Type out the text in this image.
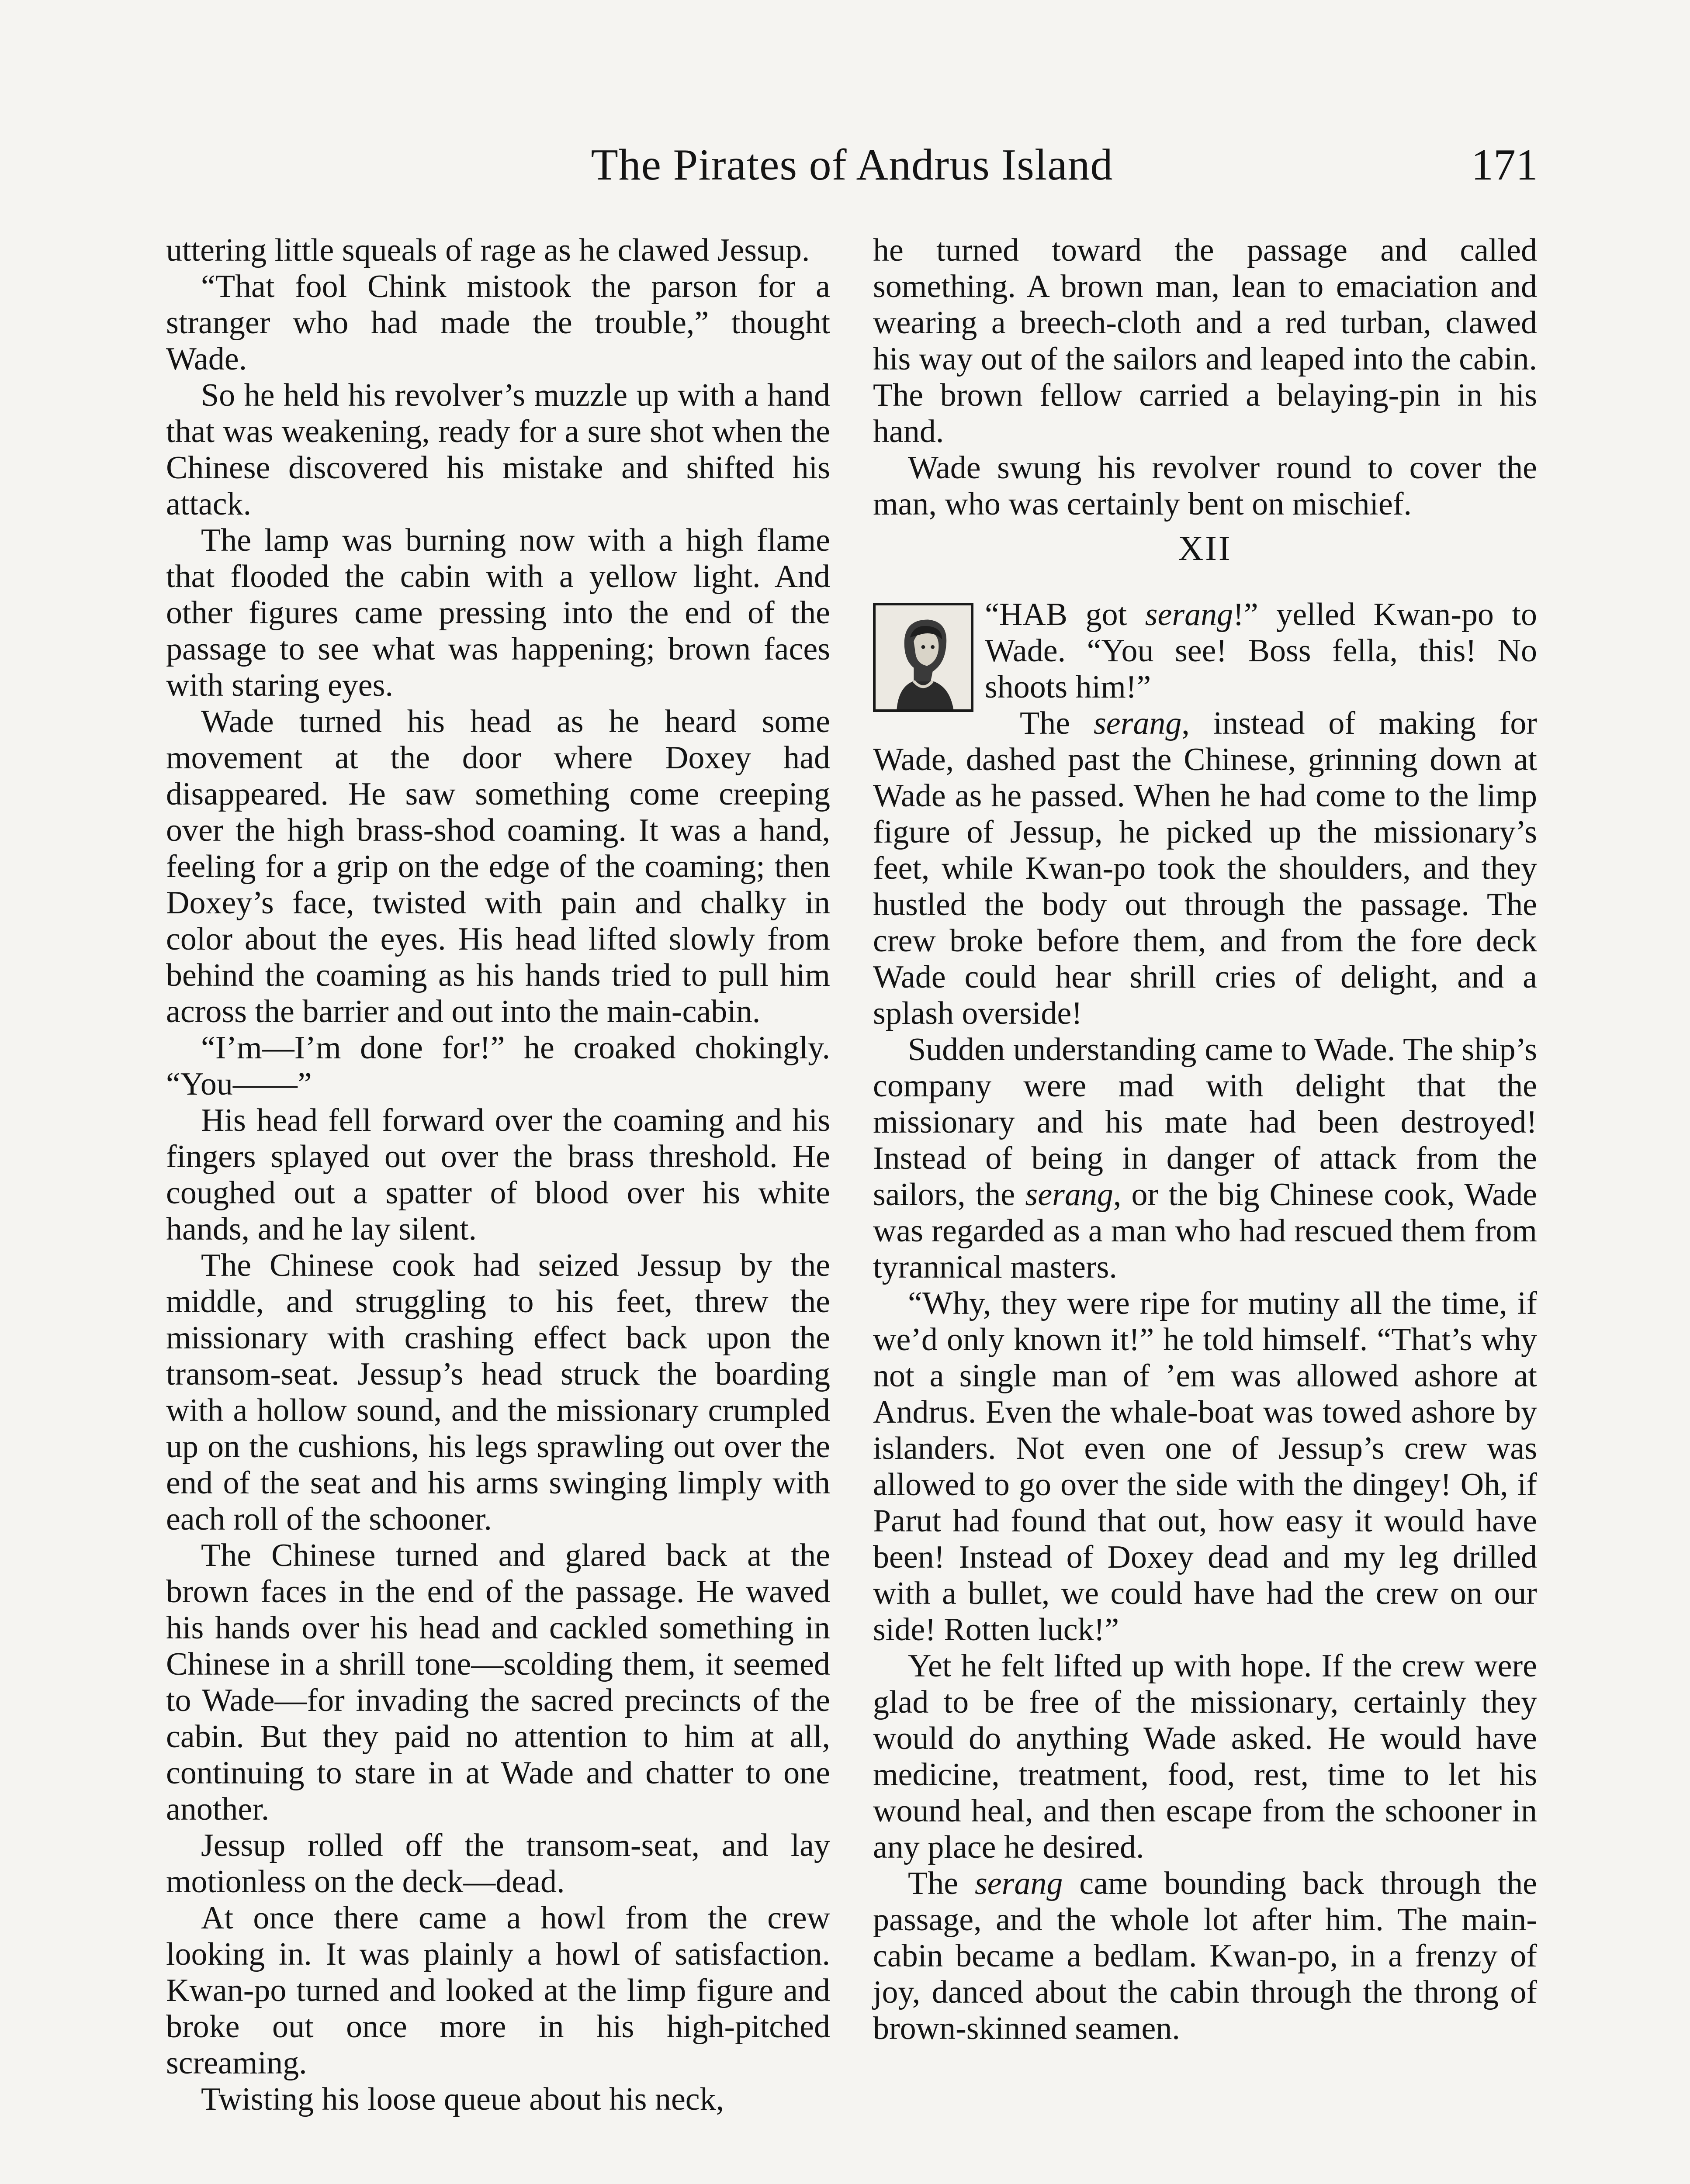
The Pirates of Andrus Island	171

uttering little squeals of rage as he clawed Jessup.

“That fool Chink mistook the parson for a stranger who had made the trouble,” thought Wade.

So he held his revolver’s muzzle up with a hand that was weakening, ready for a sure shot when the Chinese discovered his mistake and shifted his attack.

The lamp was burning now with a high flame that flooded the cabin with a yellow light. And other figures came pressing into the end of the passage to see what was happening; brown faces with staring eyes.

Wade turned his head as he heard some movement at the door where Doxey had disappeared. He saw something come creeping over the high brass-shod coaming. It was a hand, feeling for a grip on the edge of the coaming; then Doxey’s face, twisted with pain and chalky in color about the eyes. His head lifted slowly from behind the coaming as his hands tried to pull him across the barrier and out into the main-cabin.

“I’m—I’m done for!” he croaked chokingly. “You——”

His head fell forward over the coaming and his fingers splayed out over the brass threshold. He coughed out a spatter of blood over his white hands, and he lay silent.

The Chinese cook had seized Jessup by the middle, and struggling to his feet, threw the missionary with crashing effect back upon the transom-seat. Jessup’s head struck the boarding with a hollow sound, and the missionary crumpled up on the cushions, his legs sprawling out over the end of the seat and his arms swinging limply with each roll of the schooner.

The Chinese turned and glared back at the brown faces in the end of the passage. He waved his hands over his head and cackled something in Chinese in a shrill tone—scolding them, it seemed to Wade—for invading the sacred precincts of the cabin. But they paid no attention to him at all, continuing to stare in at Wade and chatter to one another.

Jessup rolled off the transom-seat, and lay motionless on the deck—dead.

At once there came a howl from the crew looking in. It was plainly a howl of satisfaction. Kwan-po turned and looked at the limp figure and broke out once more in his high-pitched screaming.

Twisting his loose queue about his neck,

he turned toward the passage and called something. A brown man, lean to emaciation and wearing a breech-cloth and a red turban, clawed his way out of the sailors and leaped into the cabin. The brown fellow carried a belaying-pin in his hand.

Wade swung his revolver round to cover the man, who was certainly bent on mischief.

XII

“HAB got serang!” yelled Kwan-po to Wade. “You see! Boss fella, this! No shoots him!”

The serang, instead of making for Wade, dashed past the Chinese, grinning down at Wade as he passed. When he had come to the limp figure of Jessup, he picked up the missionary’s feet, while Kwan-po took the shoulders, and they hustled the body out through the passage. The crew broke before them, and from the fore deck Wade could hear shrill cries of delight, and a splash overside!

Sudden understanding came to Wade. The ship’s company were mad with delight that the missionary and his mate had been destroyed! Instead of being in danger of attack from the sailors, the serang, or the big Chinese cook, Wade was regarded as a man who had rescued them from tyrannical masters.

“Why, they were ripe for mutiny all the time, if we’d only known it!” he told himself. “That’s why not a single man of ’em was allowed ashore at Andrus. Even the whale-boat was towed ashore by islanders. Not even one of Jessup’s crew was allowed to go over the side with the dingey! Oh, if Parut had found that out, how easy it would have been! Instead of Doxey dead and my leg drilled with a bullet, we could have had the crew on our side! Rotten luck!”

Yet he felt lifted up with hope. If the crew were glad to be free of the missionary, certainly they would do anything Wade asked. He would have medicine, treatment, food, rest, time to let his wound heal, and then escape from the schooner in any place he desired.

The serang came bounding back through the passage, and the whole lot after him. The main-cabin became a bedlam. Kwan-po, in a frenzy of joy, danced about the cabin through the throng of brown-skinned seamen.
